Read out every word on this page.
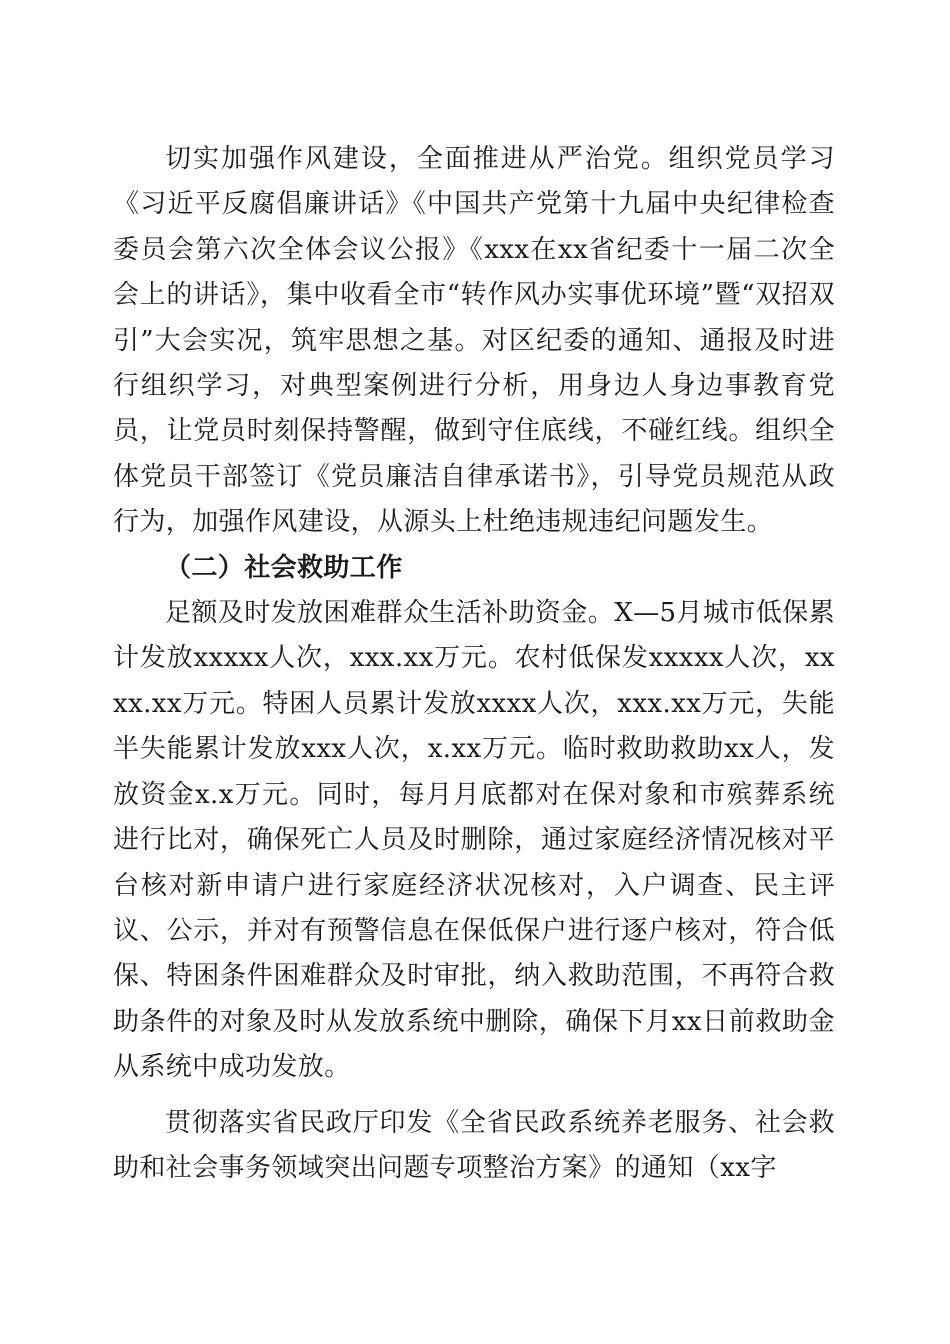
切实加强作风建设，全面推进从严治党。组织党员学习《习近平反腐倡廉讲话》《中国共产党第十九届中央纪律检查委员会第六次全体会议公报》《xxx在xx省纪委十一届二次全会上的讲话》，集中收看全市“转作风办实事优环境”暨“双招双引”大会实况，筑牢思想之基。对区纪委的通知、通报及时进行组织学习，对典型案例进行分析，用身边人身边事教育党员，让党员时刻保持警醒，做到守住底线，不碰红线。组织全体党员干部签订《党员廉洁自律承诺书》，引导党员规范从政行为，加强作风建设，从源头上杜绝违规违纪问题发生。

（二）社会救助工作

足额及时发放困难群众生活补助资金。X—5月城市低保累计发放xxxxx人次，xxx.xx万元。农村低保发xxxxx人次，xxxx.xx万元。特困人员累计发放xxxx人次，xxx.xx万元，失能半失能累计发放xxx人次，x.xx万元。临时救助救助xx人，发放资金x.x万元。同时，每月月底都对在保对象和市殡葬系统进行比对，确保死亡人员及时删除，通过家庭经济情况核对平台核对新申请户进行家庭经济状况核对，入户调查、民主评议、公示，并对有预警信息在保低保户进行逐户核对，符合低保、特困条件困难群众及时审批，纳入救助范围，不再符合救助条件的对象及时从发放系统中删除，确保下月xx日前救助金从系统中成功发放。

贯彻落实省民政厅印发《全省民政系统养老服务、社会救助和社会事务领域突出问题专项整治方案》的通知（xx字
